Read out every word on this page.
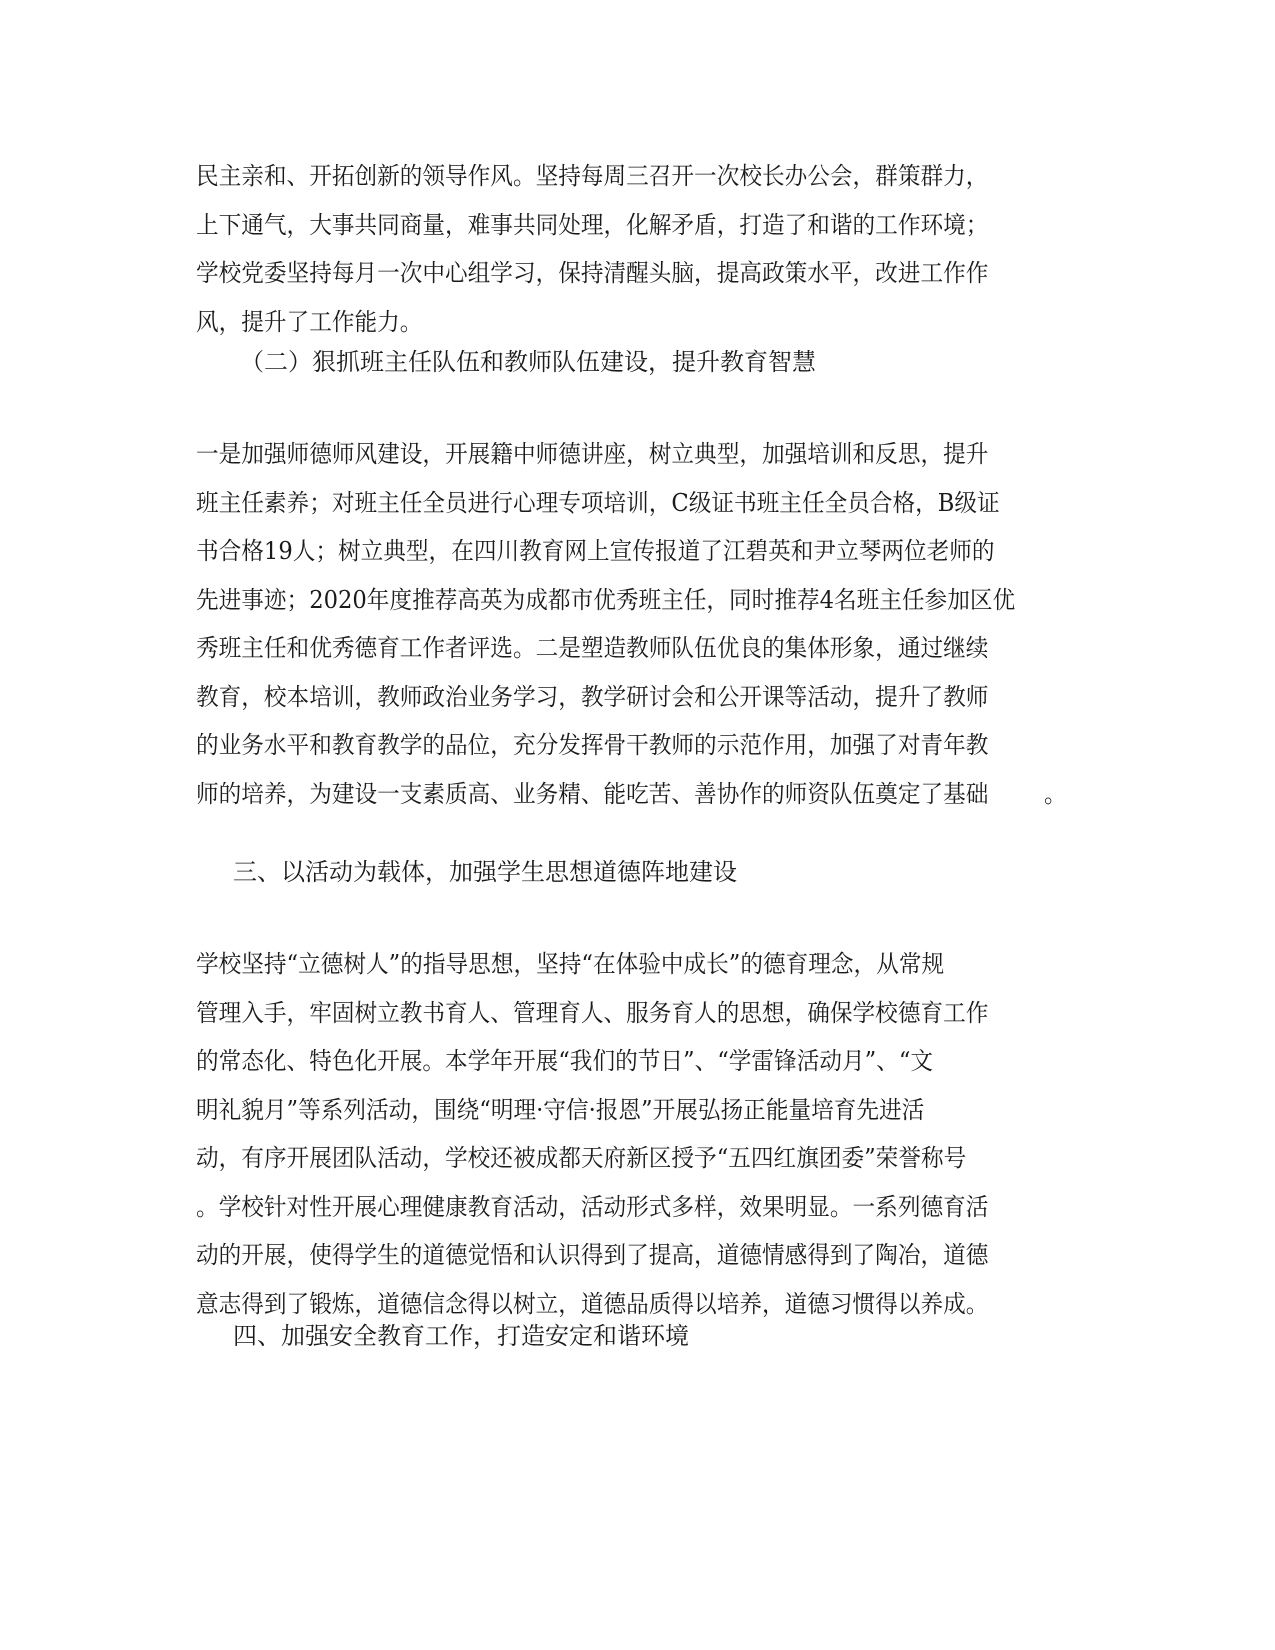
民主亲和、开拓创新的领导作风。坚持每周三召开一次校长办公会，群策群力， 上下通气，大事共同商量，难事共同处理，化解矛盾，打造了和谐的工作环境； 学校党委坚持每月一次中心组学习，保持清醒头脑，提高政策水平，改进工作作 风，提升了工作能力。
（二）狠抓班主任队伍和教师队伍建设，提升教育智慧
一是加强师德师风建设，开展籍中师德讲座，树立典型，加强培训和反思，提升 班主任素养；对班主任全员进行心理专项培训，C级证书班主任全员合格，B级证 书合格19人；树立典型，在四川教育网上宣传报道了江碧英和尹立琴两位老师的 先进事迹；2020年度推荐高英为成都市优秀班主任，同时推荐4名班主任参加区优 秀班主任和优秀德育工作者评选。二是塑造教师队伍优良的集体形象，通过继续 教育，校本培训，教师政治业务学习，教学研讨会和公开课等活动，提升了教师 的业务水平和教育教学的品位，充分发挥骨干教师的示范作用，加强了对青年教 师的培养，为建设一支素质高、业务精、能吃苦、善协作的师资队伍奠定了基础 。
三、以活动为载体，加强学生思想道德阵地建设
学校坚持“立德树人”的指导思想，坚持“在体验中成长”的德育理念，从常规 管理入手，牢固树立教书育人、管理育人、服务育人的思想，确保学校德育工作 的常态化、特色化开展。本学年开展“我们的节日”、“学雷锋活动月”、“文 明礼貌月”等系列活动，围绕“明理·守信·报恩”开展弘扬正能量培育先进活 动，有序开展团队活动，学校还被成都天府新区授予“五四红旗团委”荣誉称号 。学校针对性开展心理健康教育活动，活动形式多样，效果明显。一系列德育活 动的开展，使得学生的道德觉悟和认识得到了提高，道德情感得到了陶冶，道德 意志得到了锻炼，道德信念得以树立，道德品质得以培养，道德习惯得以养成。
四、加强安全教育工作，打造安定和谐环境
